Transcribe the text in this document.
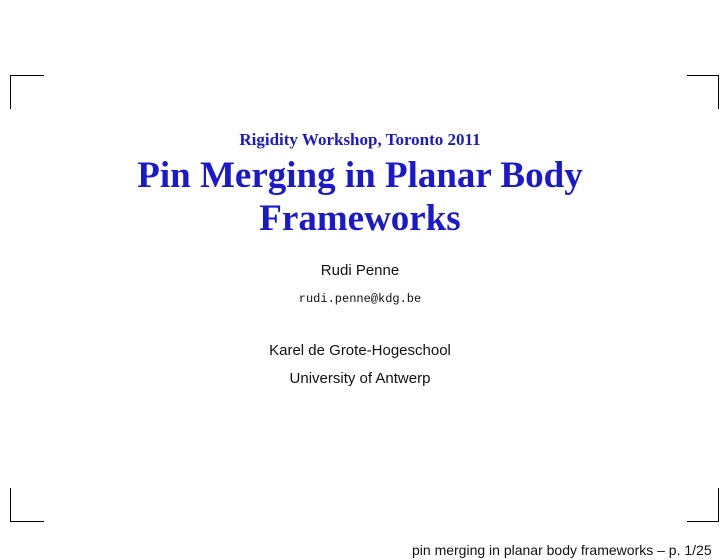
Rigidity Workshop, Toronto 2011
Pin Merging in Planar Body Frameworks
Rudi Penne
rudi.penne@kdg.be
Karel de Grote-Hogeschool
University of Antwerp
pin merging in planar body frameworks – p. 1/25
